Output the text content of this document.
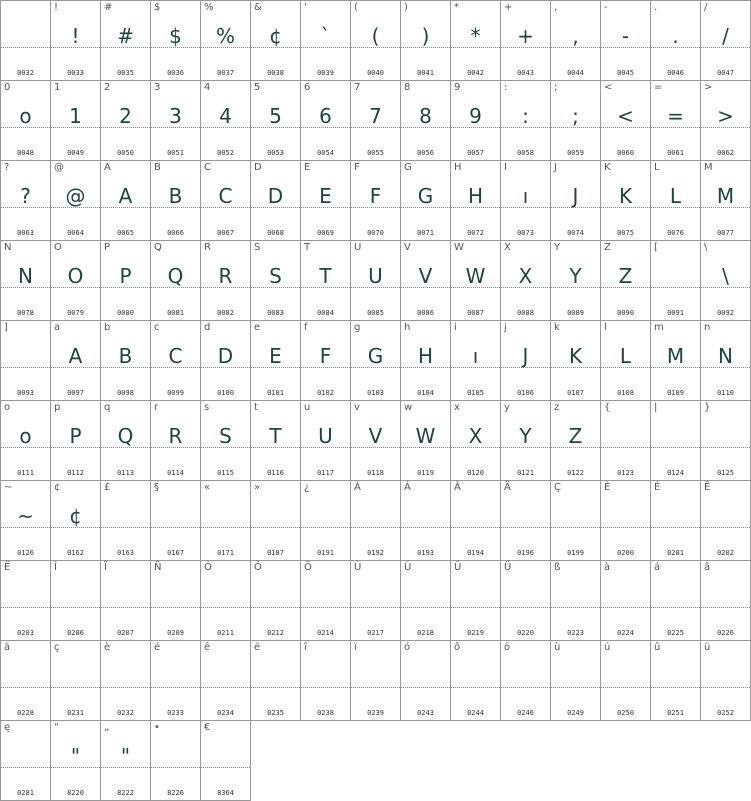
0032
!
!
0033
#
#
0035
$
$
0036
%
%
0037
&
¢
0038
'
`
0039
(
(
0040
)
)
0041
*
*
0042
+
+
0043
,
,
0044
-
-
0045
.
.
0046
/
/
0047
0
o
0048
1
1
0049
2
2
0050
3
3
0051
4
4
0052
5
5
0053
6
6
0054
7
7
0055
8
8
0056
9
9
0057
:
:
0058
;
;
0059
<
<
0060
=
=
0061
>
>
0062
?
?
0063
@
@
0064
A
A
0065
B
B
0066
C
C
0067
D
D
0068
E
E
0069
F
F
0070
G
G
0071
H
H
0072
I
ı
0073
J
J
0074
K
K
0075
L
L
0076
M
M
0077
N
N
0078
O
O
0079
P
P
0080
Q
Q
0081
R
R
0082
S
S
0083
T
T
0084
U
U
0085
V
V
0086
W
W
0087
X
X
0088
Y
Y
0089
Z
Z
0090
[
0091
\
\
0092
]
0093
a
A
0097
b
B
0098
c
C
0099
d
D
0100
e
E
0101
f
F
0102
g
G
0103
h
H
0104
i
ı
0105
j
J
0106
k
K
0107
l
L
0108
m
M
0109
n
N
0110
o
o
0111
p
P
0112
q
Q
0113
r
R
0114
s
S
0115
t
T
0116
u
U
0117
v
V
0118
w
W
0119
x
X
0120
y
Y
0121
z
Z
0122
{
0123
|
0124
}
0125
~
~
0126
¢
¢
0162
£
0163
§
0167
«
0171
»
0187
¿
0191
À
0192
Á
0193
Â
0194
Ä
0196
Ç
0199
È
0200
É
0201
Ê
0202
Ë
0203
Î
0206
Ï
0207
Ñ
0209
Ó
0211
Ô
0212
Ö
0214
Ù
0217
Ú
0218
Û
0219
Ü
0220
ß
0223
à
0224
á
0225
â
0226
ä
0228
ç
0231
è
0232
é
0233
ê
0234
ë
0235
î
0238
ï
0239
ó
0243
ô
0244
ö
0246
ù
0249
ú
0250
û
0251
ü
0252
ę
0281
“
"
8220
„
"
8222
•
8226
€
8364
